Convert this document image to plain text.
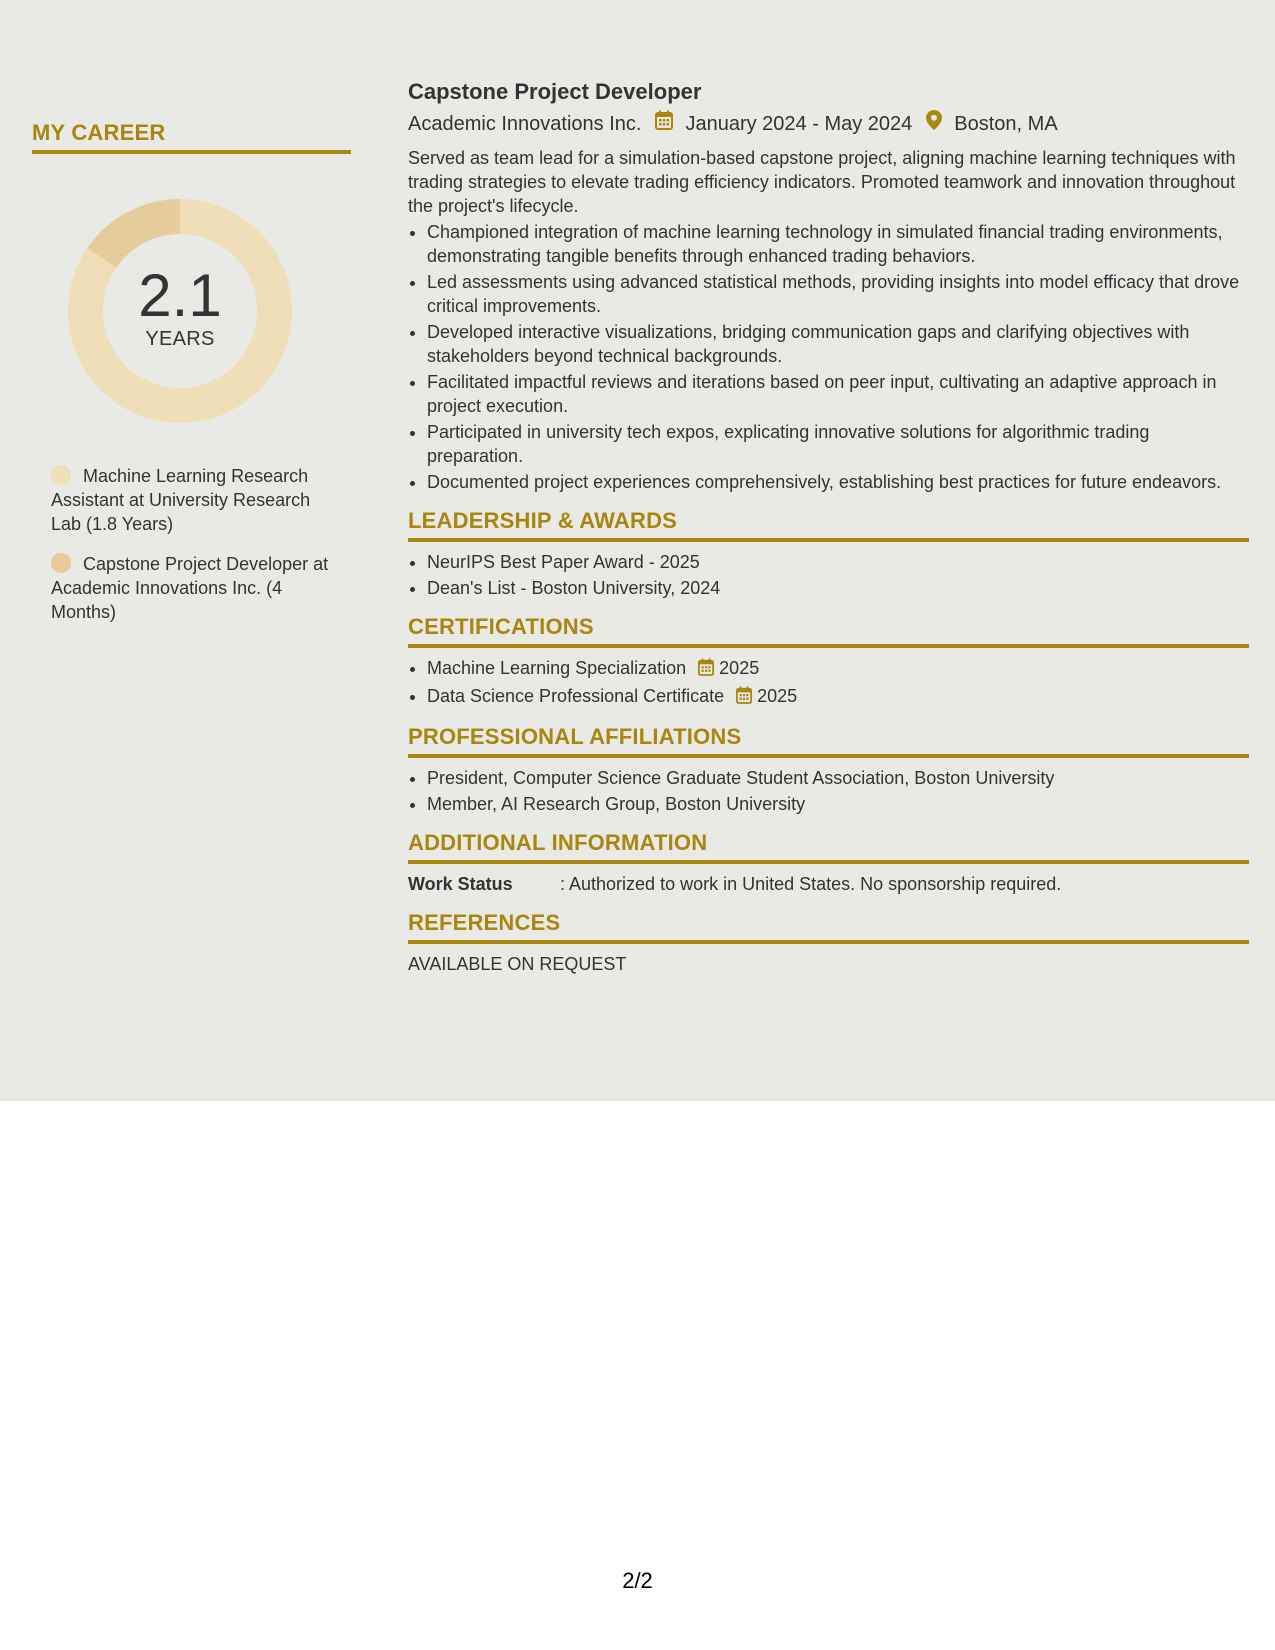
MY CAREER
2.1
YEARS
Machine Learning Research Assistant at University Research Lab (1.8 Years)
Capstone Project Developer at Academic Innovations Inc. (4 Months)
Capstone Project Developer
Academic Innovations Inc. January 2024 - May 2024 Boston, MA

Served as team lead for a simulation-based capstone project, aligning machine learning techniques with trading strategies to elevate trading efficiency indicators. Promoted teamwork and innovation throughout the project's lifecycle.

• Championed integration of machine learning technology in simulated financial trading environments, demonstrating tangible benefits through enhanced trading behaviors.
• Led assessments using advanced statistical methods, providing insights into model efficacy that drove critical improvements.
• Developed interactive visualizations, bridging communication gaps and clarifying objectives with stakeholders beyond technical backgrounds.
• Facilitated impactful reviews and iterations based on peer input, cultivating an adaptive approach in project execution.
• Participated in university tech expos, explicating innovative solutions for algorithmic trading preparation.
• Documented project experiences comprehensively, establishing best practices for future endeavors.
LEADERSHIP & AWARDS
• NeurIPS Best Paper Award - 2025
• Dean's List - Boston University, 2024
CERTIFICATIONS
• Machine Learning Specialization 2025
• Data Science Professional Certificate 2025
PROFESSIONAL AFFILIATIONS
• President, Computer Science Graduate Student Association, Boston University
• Member, AI Research Group, Boston University
ADDITIONAL INFORMATION
Work Status	: Authorized to work in United States. No sponsorship required.
REFERENCES
AVAILABLE ON REQUEST
2/2
